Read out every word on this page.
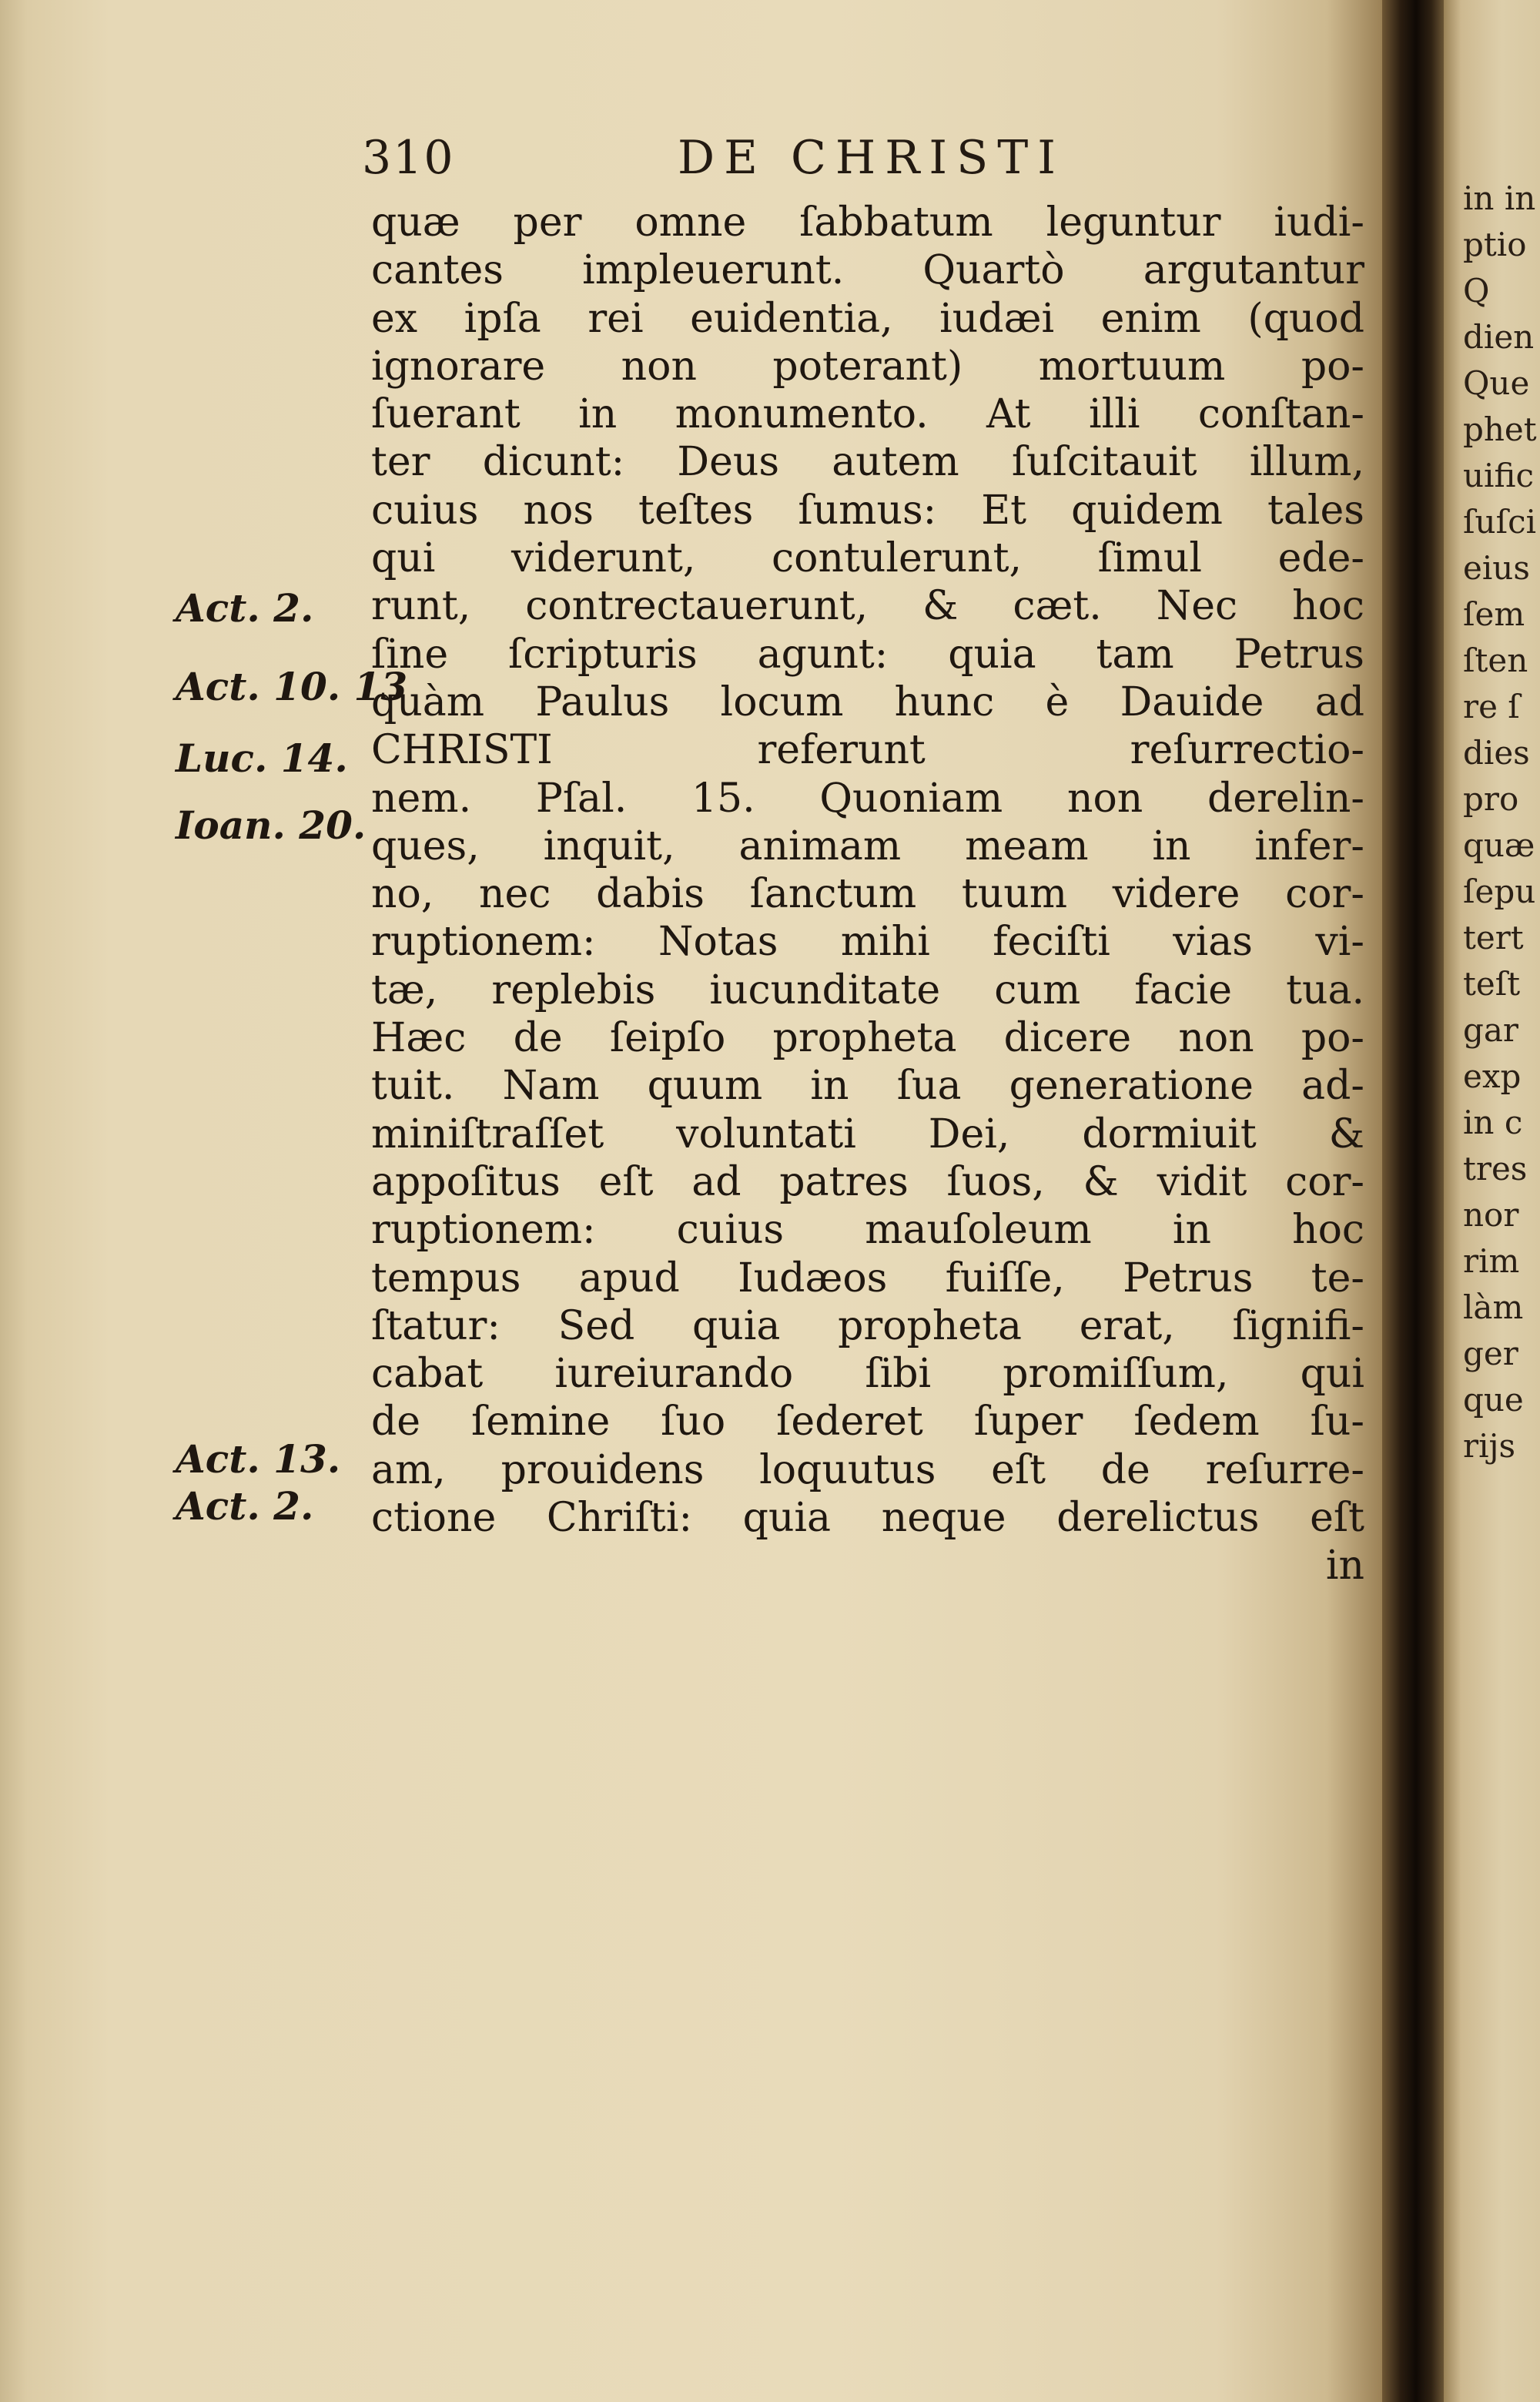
310	DE CHRISTI
quæ per omne ſabbatum leguntur iudi-
cantes impleuerunt. Quartò argutantur
ex ipſa rei euidentia, iudæi enim (quod
ignorare non poterant) mortuum po-
ſuerant in monumento. At illi conſtan-
ter dicunt: Deus autem ſuſcitauit illum,
cuius nos teſtes ſumus: Et quidem tales
qui viderunt, contulerunt, ſimul ede-
runt, contrectauerunt, & cæt. Nec hoc
ſine ſcripturis agunt: quia tam Petrus
quàm Paulus locum hunc è Dauide ad
CHRISTI referunt reſurrectio-
nem. Pſal. 15. Quoniam non derelin-
ques, inquit, animam meam in infer-
no, nec dabis ſanctum tuum videre cor-
ruptionem: Notas mihi feciſti vias vi-
tæ, replebis iucunditate cum facie tua.
Hæc de ſeipſo propheta dicere non po-
tuit. Nam quum in ſua generatione ad-
miniſtraſſet voluntati Dei, dormiuit &
appoſitus eſt ad patres ſuos, & vidit cor-
ruptionem: cuius mauſoleum in hoc
tempus apud Iudæos fuiſſe, Petrus te-
ſtatur: Sed quia propheta erat, ſignifi-
cabat iureiurando ſibi promiſſum, qui
de ſemine ſuo ſederet ſuper ſedem ſu-
am, prouidens loquutus eſt de reſurre-
ctione Chriſti: quia neque derelictus eſt
in
Act. 2.
Act. 10. 13
Luc. 14.
Ioan. 20.
Act. 13.
Act. 2.
in in
ptio
Q
dien
Que
phet
uific
ſuſci
eius
ſem
ſten
re ſ
dies
pro
quæ
ſepu
tert
teſt
gar
exp
in c
tres
nor
rim
làm
ger
que
rijs
